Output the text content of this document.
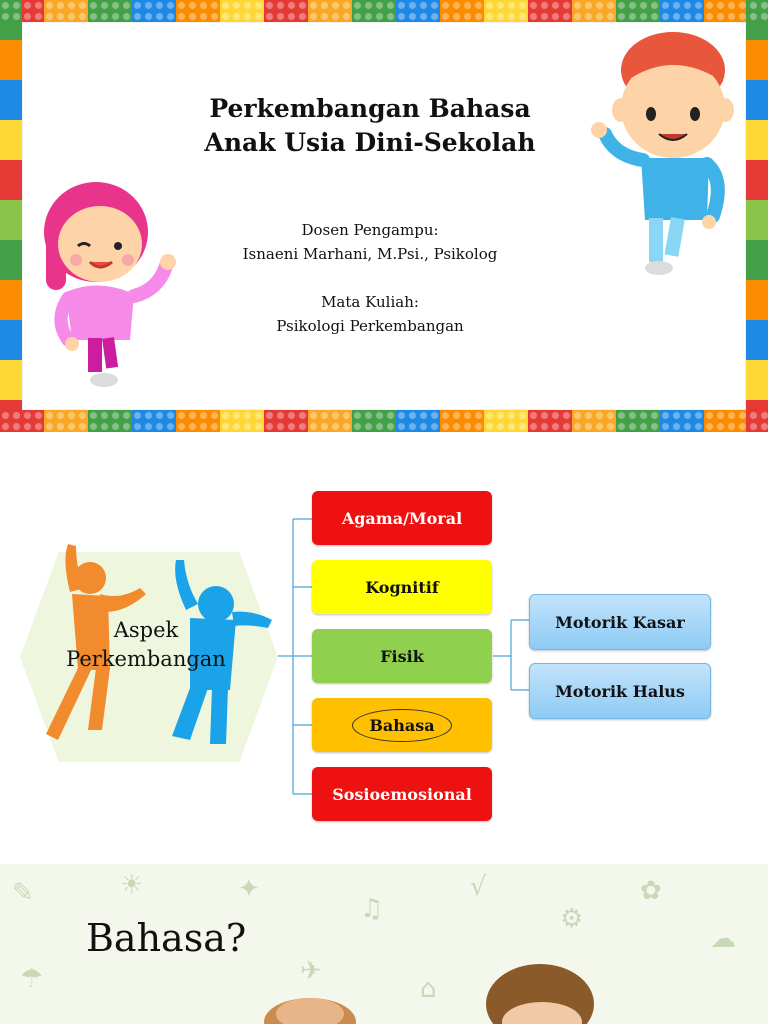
Perkembangan Bahasa
Anak Usia Dini-Sekolah
Dosen Pengampu:
Isnaeni Marhani, M.Psi., Psikolog
Mata Kuliah:
Psikologi Perkembangan
Aspek
Perkembangan
Agama/Moral
Kognitif
Fisik
Bahasa
Sosioemosional
Motorik Kasar
Motorik Halus
✎	☀	✦
♫
√
⚙
✿
☁
✈
⌂
☂
Bahasa?
